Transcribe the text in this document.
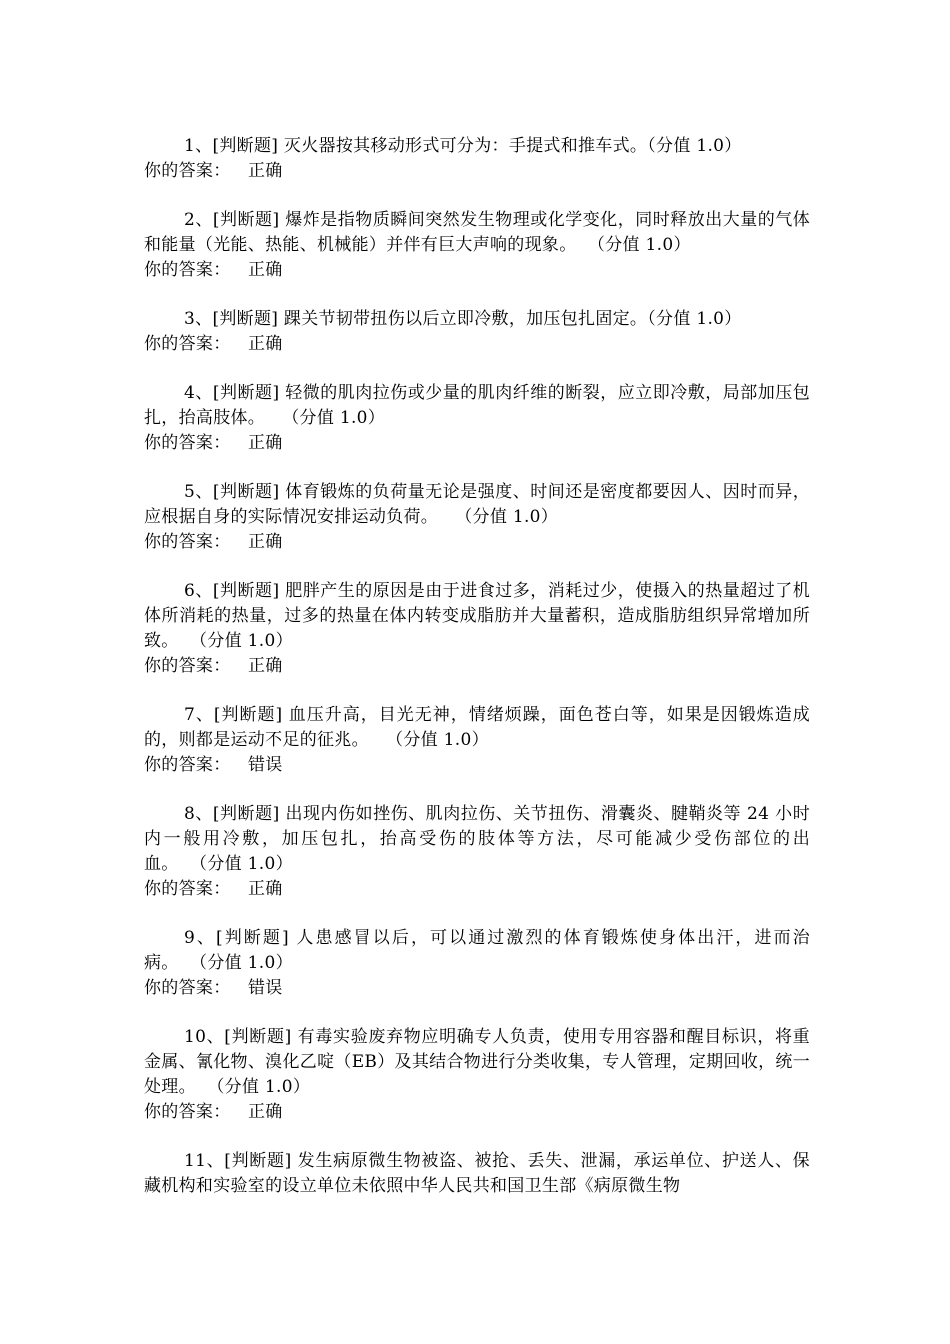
1、[判断题] 灭火器按其移动形式可分为：手提式和推车式。（分值 1.0）

你的答案： 正确

2、[判断题] 爆炸是指物质瞬间突然发生物理或化学变化，同时释放出大量的气体和能量（光能、热能、机械能）并伴有巨大声响的现象。 （分值 1.0）

你的答案： 正确

3、[判断题] 踝关节韧带扭伤以后立即冷敷，加压包扎固定。（分值 1.0）

你的答案： 正确

4、[判断题] 轻微的肌肉拉伤或少量的肌肉纤维的断裂，应立即冷敷，局部加压包扎，抬高肢体。 （分值 1.0）

你的答案： 正确

5、[判断题] 体育锻炼的负荷量无论是强度、时间还是密度都要因人、因时而异，应根据自身的实际情况安排运动负荷。 （分值 1.0）

你的答案： 正确

6、[判断题] 肥胖产生的原因是由于进食过多，消耗过少，使摄入的热量超过了机体所消耗的热量，过多的热量在体内转变成脂肪并大量蓄积，造成脂肪组织异常增加所致。 （分值 1.0）

你的答案： 正确

7、[判断题] 血压升高，目光无神，情绪烦躁，面色苍白等，如果是因锻炼造成的，则都是运动不足的征兆。 （分值 1.0）

你的答案： 错误

8、[判断题] 出现内伤如挫伤、肌肉拉伤、关节扭伤、滑囊炎、腱鞘炎等 24 小时内一般用冷敷，加压包扎，抬高受伤的肢体等方法，尽可能减少受伤部位的出血。 （分值 1.0）

你的答案： 正确

9、[判断题] 人患感冒以后，可以通过激烈的体育锻炼使身体出汗，进而治病。 （分值 1.0）

你的答案： 错误

10、[判断题] 有毒实验废弃物应明确专人负责，使用专用容器和醒目标识，将重金属、氰化物、溴化乙啶（EB）及其结合物进行分类收集，专人管理，定期回收，统一处理。 （分值 1.0）

你的答案： 正确

11、[判断题] 发生病原微生物被盗、被抢、丢失、泄漏，承运单位、护送人、保藏机构和实验室的设立单位未依照中华人民共和国卫生部《病原微生物
